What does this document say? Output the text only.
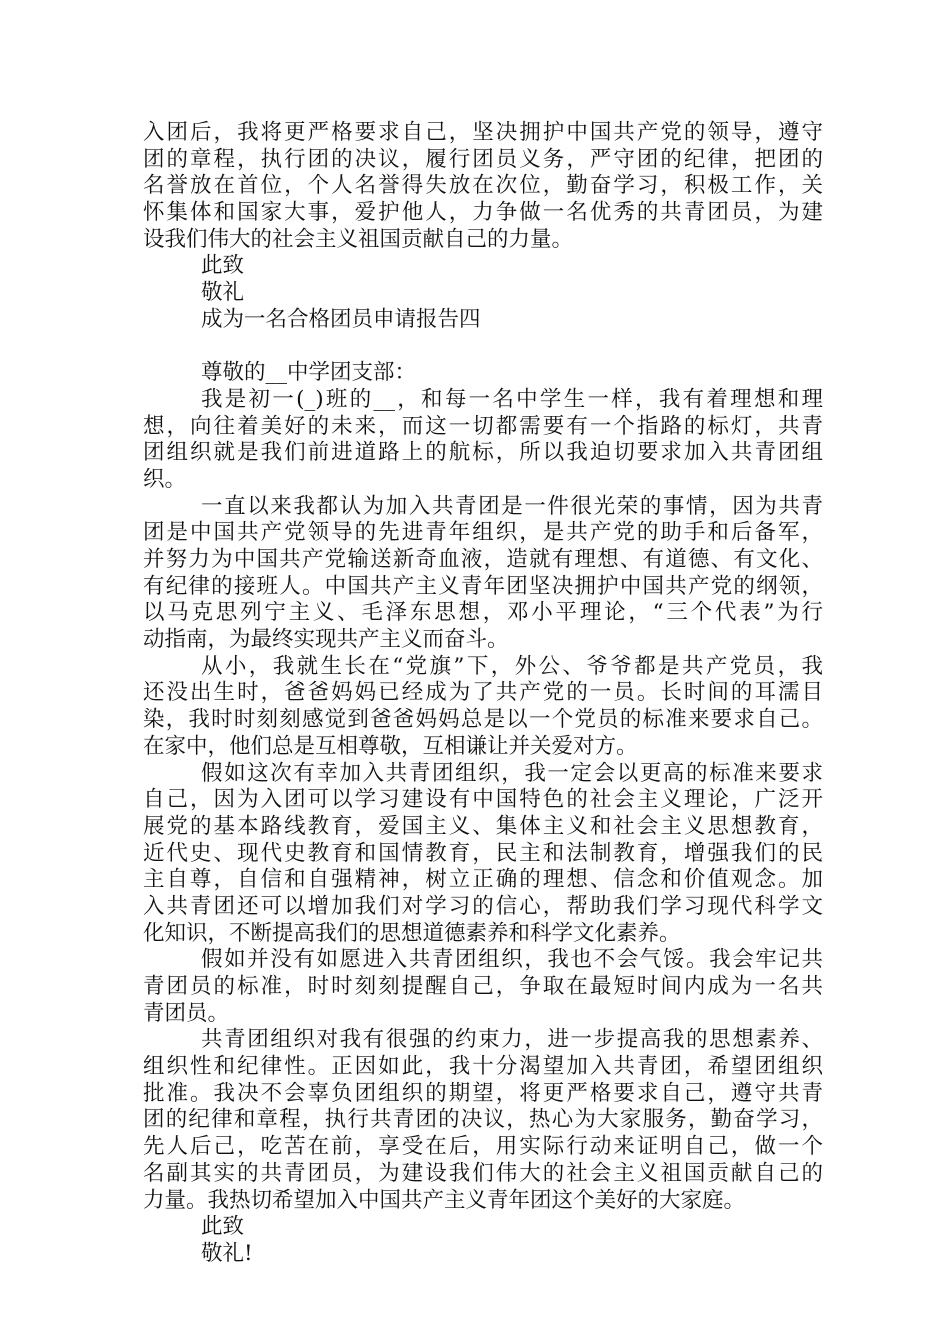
入团后，我将更严格要求自己，坚决拥护中国共产党的领导，遵守
团的章程，执行团的决议，履行团员义务，严守团的纪律，把团的
名誉放在首位，个人名誉得失放在次位，勤奋学习，积极工作，关
怀集体和国家大事，爱护他人，力争做一名优秀的共青团员，为建
设我们伟大的社会主义祖国贡献自己的力量。
此致
敬礼
成为一名合格团员申请报告四
尊敬的__中学团支部：
我是初一(_)班的__，和每一名中学生一样，我有着理想和理
想，向往着美好的未来，而这一切都需要有一个指路的标灯，共青
团组织就是我们前进道路上的航标，所以我迫切要求加入共青团组
织。
一直以来我都认为加入共青团是一件很光荣的事情，因为共青
团是中国共产党领导的先进青年组织，是共产党的助手和后备军，
并努力为中国共产党输送新奇血液，造就有理想、有道德、有文化、
有纪律的接班人。中国共产主义青年团坚决拥护中国共产党的纲领，
以马克思列宁主义、毛泽东思想，邓小平理论，“三个代表”为行
动指南，为最终实现共产主义而奋斗。
从小，我就生长在“党旗”下，外公、爷爷都是共产党员，我
还没出生时，爸爸妈妈已经成为了共产党的一员。长时间的耳濡目
染，我时时刻刻感觉到爸爸妈妈总是以一个党员的标准来要求自己。
在家中，他们总是互相尊敬，互相谦让并关爱对方。
假如这次有幸加入共青团组织，我一定会以更高的标准来要求
自己，因为入团可以学习建设有中国特色的社会主义理论，广泛开
展党的基本路线教育，爱国主义、集体主义和社会主义思想教育，
近代史、现代史教育和国情教育，民主和法制教育，增强我们的民
主自尊，自信和自强精神，树立正确的理想、信念和价值观念。加
入共青团还可以增加我们对学习的信心，帮助我们学习现代科学文
化知识，不断提高我们的思想道德素养和科学文化素养。
假如并没有如愿进入共青团组织，我也不会气馁。我会牢记共
青团员的标准，时时刻刻提醒自己，争取在最短时间内成为一名共
青团员。
共青团组织对我有很强的约束力，进一步提高我的思想素养、
组织性和纪律性。正因如此，我十分渴望加入共青团，希望团组织
批准。我决不会辜负团组织的期望，将更严格要求自己，遵守共青
团的纪律和章程，执行共青团的决议，热心为大家服务，勤奋学习，
先人后己，吃苦在前，享受在后，用实际行动来证明自己，做一个
名副其实的共青团员，为建设我们伟大的社会主义祖国贡献自己的
力量。我热切希望加入中国共产主义青年团这个美好的大家庭。
此致
敬礼!
